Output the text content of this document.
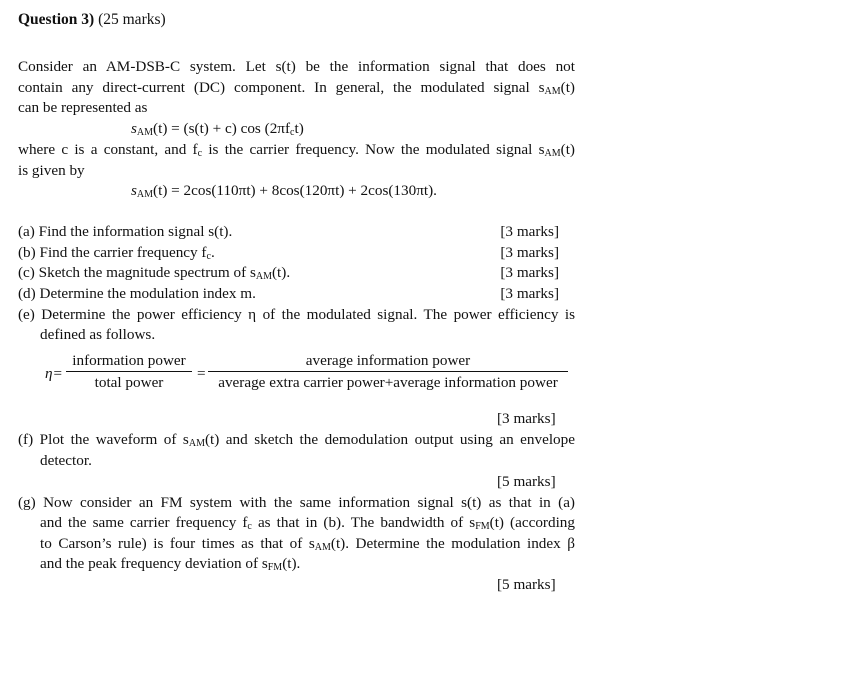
Question 3) (25 marks)
Consider an AM-DSB-C system. Let s(t) be the information signal that does not
contain any direct-current (DC) component. In general, the modulated signal $s_{AM}(t)$
can be represented as
$s_{AM}(t) = (s(t) + c)$ $\cos (2\pi f_ct)$
where c is a constant, and $f_c$ is the carrier frequency. Now the modulated signal $s_{AM}(t)$
is given by
$s_{AM}(t) = 2\cos(110\pi t) + 8\cos(120\pi t) + 2\cos(130\pi t)$.
(a) Find the information signal s(t).	[3 marks]
(b) Find the carrier frequency $f_c$.	[3 marks]
(c) Sketch the magnitude spectrum of $s_{AM}(t)$.	[3 marks]
(d) Determine the modulation index m.	[3 marks]
(e) Determine the power efficiency η of the modulated signal. The power efficiency is
defined as follows.
η=
information power
total power
=
average information power
average extra carrier power+average information power
[3 marks]
(f) Plot the waveform of $s_{AM}(t)$ and sketch the demodulation output using an envelope
detector.
[5 marks]
(g) Now consider an FM system with the same information signal s(t) as that in (a)
and the same carrier frequency $f_c$ as that in (b). The bandwidth of $s_{FM}(t)$ (according
to Carson’s rule) is four times as that of $s_{AM}(t)$. Determine the modulation index β
and the peak frequency deviation of $s_{FM}(t)$.
[5 marks]
